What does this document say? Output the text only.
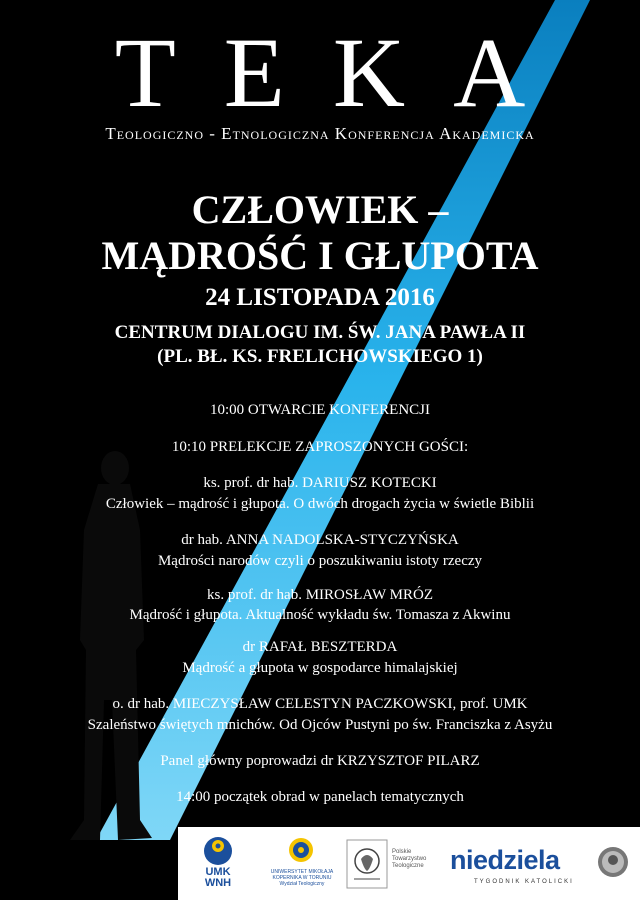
TEKA
Teologiczno - Etnologiczna Konferencja Akademicka
CZŁOWIEK –
MĄDROŚĆ I GŁUPOTA
24 LISTOPADA 2016
CENTRUM DIALOGU IM. ŚW. JANA PAWŁA II
(PL. BŁ. KS. FRELICHOWSKIEGO 1)
10:00 OTWARCIE KONFERENCJI
10:10 PRELEKCJE ZAPROSZONYCH GOŚCI:
ks. prof. dr hab. DARIUSZ KOTECKI
Człowiek – mądrość i głupota. O dwóch drogach życia w świetle Biblii
dr hab. ANNA NADOLSKA-STYCZYŃSKA
Mądrości narodów czyli o poszukiwaniu istoty rzeczy
ks. prof. dr hab. MIROSŁAW MRÓZ
Mądrość i głupota. Aktualność wykładu św. Tomasza z Akwinu
dr RAFAŁ BESZTERDA
Mądrość a głupota w gospodarce himalajskiej
o. dr hab. MIECZYSŁAW CELESTYN PACZKOWSKI, prof. UMK
Szaleństwo świętych mnichów. Od Ojców Pustyni po św. Franciszka z Asyżu
Panel główny poprowadzi dr KRZYSZTOF PILARZ
14:00 początek obrad w panelach tematycznych
UMK
WNH
UNIWERSYTET MIKOŁAJA KOPERNIKA W TORUNIU
Wydział Teologiczny
Polskie Towarzystwo Teologiczne niedziela
TYGODNIK KATOLICKI
